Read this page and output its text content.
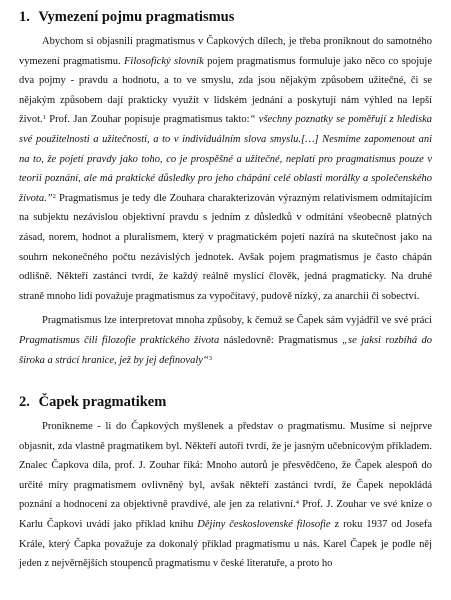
1. Vymezení pojmu pragmatismus

Abychom si objasnili pragmatismus v Čapkových dílech, je třeba proniknout do samotného vymezení pragmatismu. Filosofický slovník pojem pragmatismus formuluje jako něco co spojuje dva pojmy - pravdu a hodnotu, a to ve smyslu, zda jsou nějakým způsobem užitečné, či se nějakým způsobem dají prakticky využít v lidském jednání a poskytují nám výhled na lepší život.$^1$ Prof. Jan Zouhar popisuje pragmatismus takto:“ všechny poznatky se poměřují z hlediska své použitelnosti a užitečnosti, a to v individuálním slova smyslu.[…] Nesmíme zapomenout ani na to, že pojetí pravdy jako toho, co je prospěšné a užitečné, neplatí pro pragmatismus pouze v teorii poznání, ale má praktické důsledky pro jeho chápání celé oblasti morálky a společenského života.”$^2$ Pragmatismus je tedy dle Zouhara charakterizován výrazným relativismem odmítajícím na subjektu nezávislou objektivní pravdu s jedním z důsledků v odmítání všeobecně platných zásad, norem, hodnot a pluralismem, který v pragmatickém pojetí nazírá na skutečnost jako na souhrn nekonečného počtu nezávislých jednotek. Avšak pojem pragmatismus je často chápán odlišně. Někteří zastánci tvrdí, že každý reálně myslící člověk, jedná pragmaticky. Na druhé straně mnoho lidí považuje pragmatismus za vypočítavý, pudově nízký, za anarchii či sobectví.

Pragmatismus lze interpretovat mnoha způsoby, k čemuž se Čapek sám vyjádřil ve své práci Pragmatismus čili filozofie praktického života následovně: Pragmatismus „se jaksi rozbíhá do široka a strácí hranice, jež by jej definovaly“$^3$

2. Čapek pragmatikem

Pronikneme - li do Čapkových myšlenek a představ o pragmatismu. Musíme si nejprve objasnit, zda vlastně pragmatikem byl. Někteří autoři tvrdí, že je jasným učebnicovým příkladem. Znalec Čapkova díla, prof. J. Zouhar říká: Mnoho autorů je přesvědčeno, že Čapek alespoň do určité míry pragmatismem ovlivněný byl, avšak někteří zastánci tvrdí, že Čapek nepokládá poznání a hodnocení za objektivně pravdivé, ale jen za relativní.$^4$ Prof. J. Zouhar ve své knize o Karlu Čapkovi uvádí jako příklad knihu Dějiny československé filosofie z roku 1937 od Josefa Krále, který Čapka považuje za dokonalý příklad pragmatismu u nás. Karel Čapek je podle něj jeden z nejvěrnějších stoupenců pragmatismu v české literatuře, a proto ho
